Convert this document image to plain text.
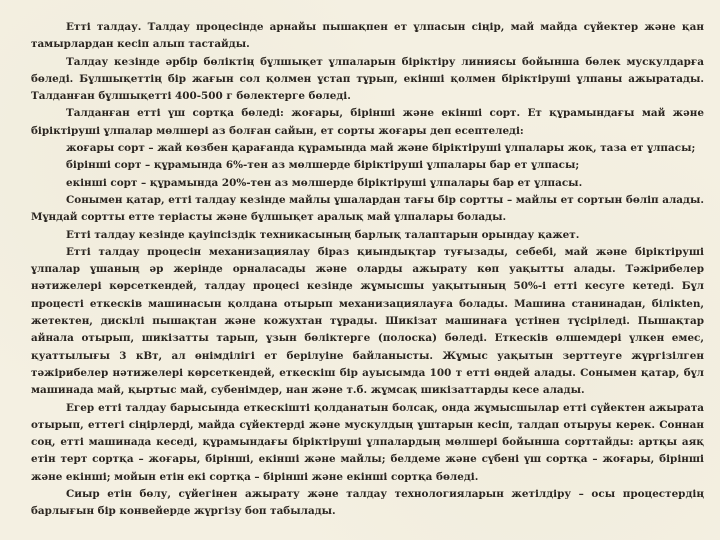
Етті талдау. Талдау процесінде арнайы пышақпен ет ұлпасын сіңір, май майда сүйектер және қан тамырлардан кесіп алып тастайды.

Талдау кезінде әрбір бөліктің бұлшықет ұлпаларын біріктіру линиясы бойынша бөлек мускулдарға бөледі. Бұлшықеттің бір жағын сол қолмен ұстап тұрып, екінші қолмен біріктіруші ұлпаны ажыратады. Талданған бұлшықетті 400-500 г бөлектерге бөледі.

Талданған етті үш сортқа бөледі: жоғары, бірінші және екінші сорт. Ет құрамындағы май және біріктіруші ұлпалар мөлшері аз болған сайын, ет сорты жоғары деп есептеледі:

жоғары сорт – жай көзбен қарағанда құрамында май және біріктіруші ұлпалары жоқ, таза ет ұлпасы;

бірінші сорт – құрамында 6%-тен аз мөлшерде біріктіруші ұлпалары бар ет ұлпасы;

екінші сорт – құрамында 20%-тен аз мөлшерде біріктіруші ұлпалары бар ет ұлпасы.

Сонымен қатар, етті талдау кезінде майлы ұшалардан тағы бір сортты – майлы ет сортын бөліп алады. Мұндай сортты етте теріасты және бұлшықет аралық май ұлпалары болады.

Етті талдау кезінде қауіпсіздік техникасының барлық талаптарын орындау қажет.

Етті талдау процесін механизациялау біраз қиындықтар туғызады, себебі, май және біріктіруші ұлпалар ұшаның әр жерінде орналасады және оларды ажырату көп уақытты алады. Тәжірибелер нәтижелері көрсеткендей, талдау процесі кезінде жұмысшы уақытының 50%-і етті кесуге кетеді. Бұл процесті еткесків машинасын қолдана отырып механизациялауға болады. Машина станинадан, білікten, жетектен, дискілі пышақтан және кожухтан тұрады. Шикізат машинаға үстінен түсіріледі. Пышақтар айнала отырып, шикізатты тарып, ұзын бөліктерге (полоска) бөледі. Еткесків өлшемдері үлкен емес, қуаттылығы 3 кВт, ал өнімділігі ет берілуіне байланысты. Жұмыс уақытын зерттеуге жүргізілген тәжірибелер нәтижелері көрсеткендей, еткескіш бір ауысымда 100 т етті өңдей алады. Сонымен қатар, бұл машинада май, қыртыс май, субенімдер, нан және т.б. жұмсақ шикізаттарды кесе алады.

Егер етті талдау барысында еткескішті қолданатын болсақ, онда жұмысшылар етті сүйектен ажырата отырып, еттегі сіңірлерді, майда сүйектерді және мускулдың ұштарын кесіп, талдап отыруы керек. Соннан соң, етті машинада кеседі, құрамындағы біріктіруші ұлпалардың мөлшері бойынша сорттайды: артқы аяқ етін терт сортқа – жоғары, бірінші, екінші және майлы; белдеме және сүбені үш сортқа – жоғары, бірінші және екінші; мойын етін екі сортқа – бірінші және екінші сортқа бөледі.

Сиыр етін бөлу, сүйегінен ажырату және талдау технологияларын жетілдіру – осы процестердің барлығын бір конвейерде жүргізу боп табылады.
